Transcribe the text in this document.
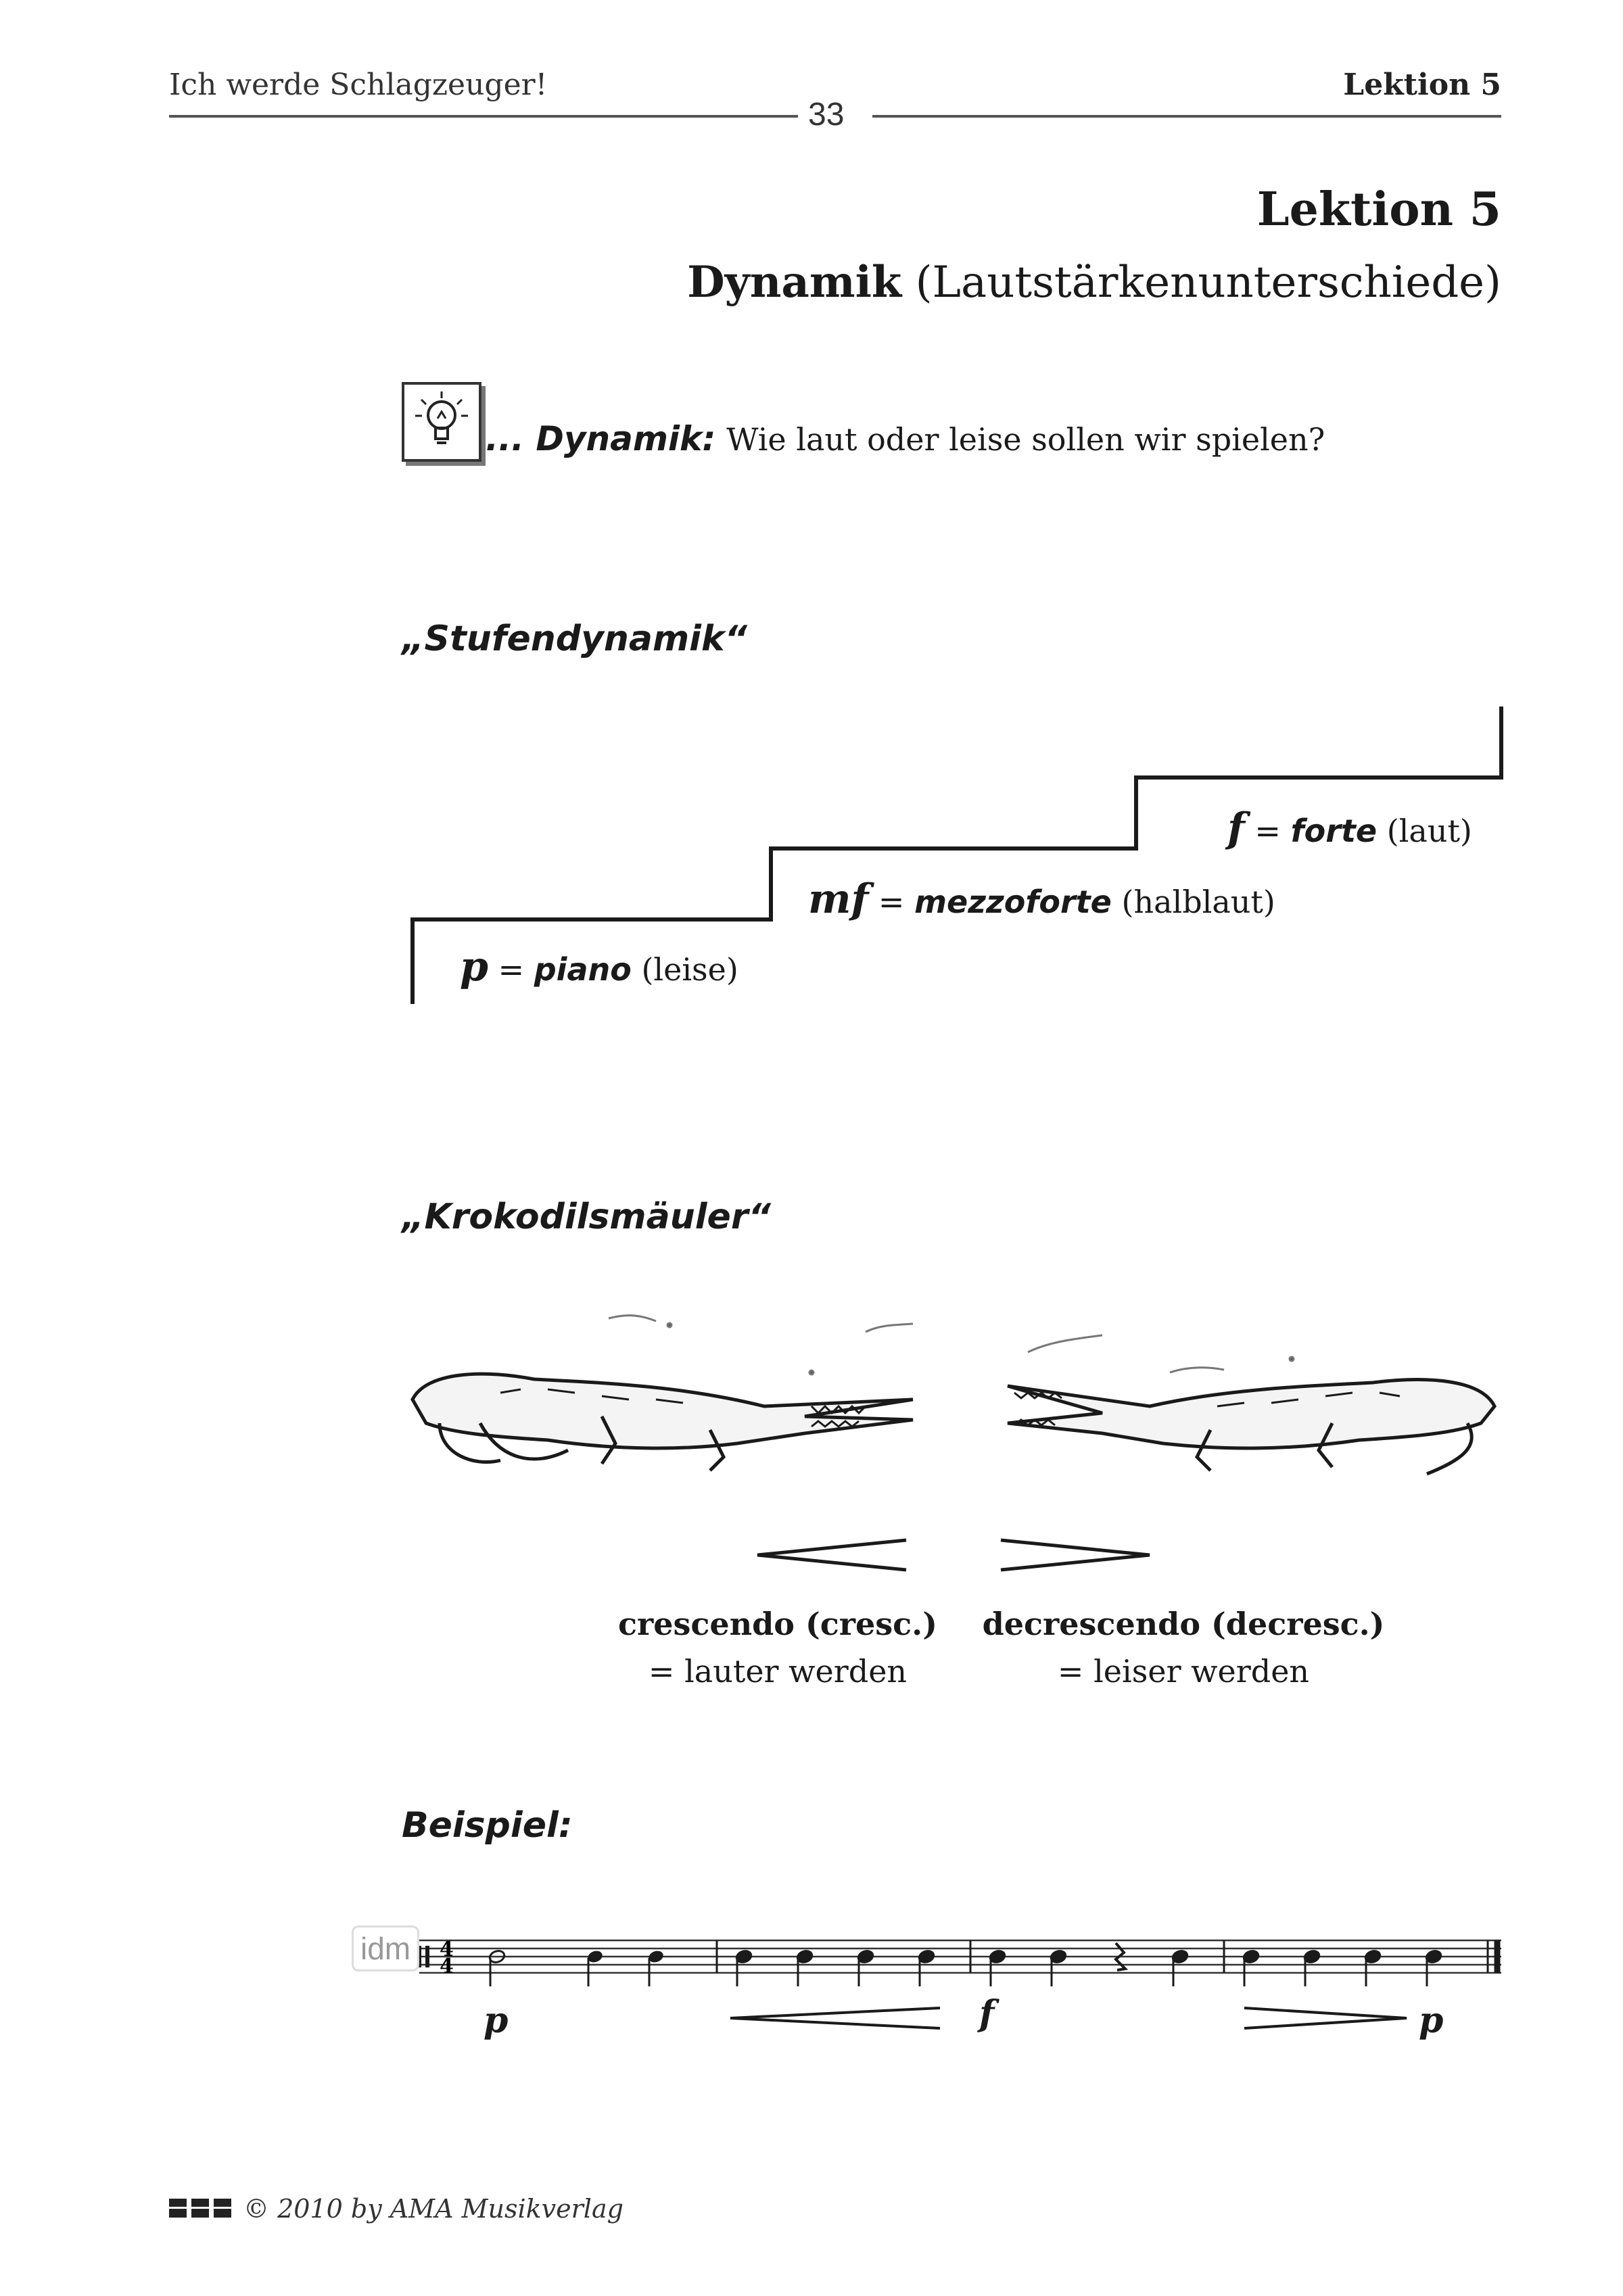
Ich werde Schlagzeuger!	Lektion 5
33
Lektion 5
Dynamik (Lautstärkenunterschiede)
... Dynamik: Wie laut oder leise sollen wir spielen?
„Stufendynamik“
p = piano (leise)
mf = mezzoforte (halblaut)
f = forte (laut)
„Krokodilsmäuler“
crescendo (cresc.)
= lauter werden
decrescendo (decresc.)
= leiser werden
Beispiel:
4
4
p	f	p
idm
© 2010 by AMA Musikverlag
